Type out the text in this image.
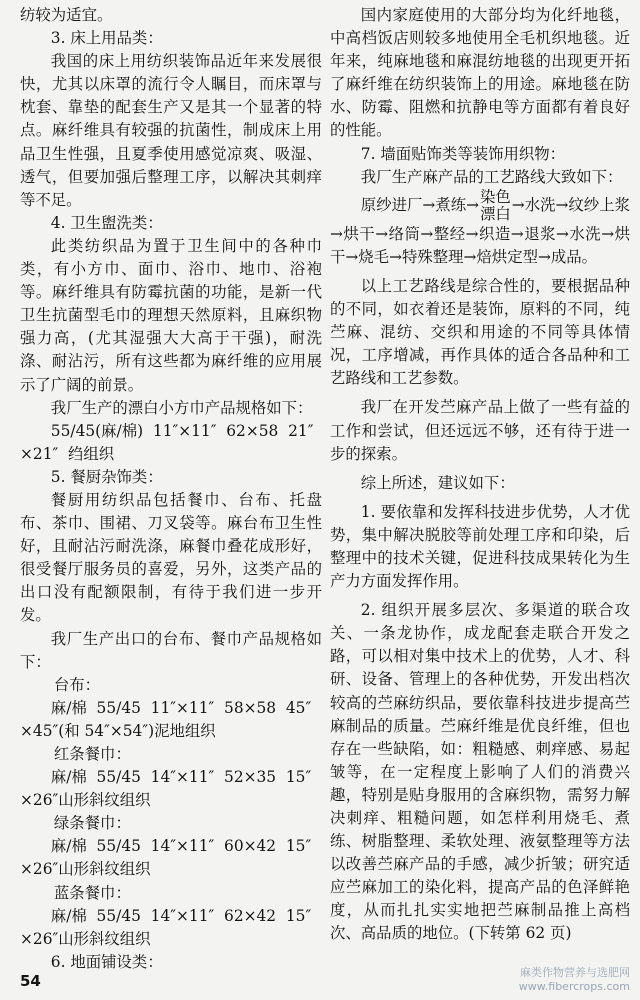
纺较为适宜。

3. 床上用品类：

我国的床上用纺织装饰品近年来发展很快，尤其以床罩的流行令人瞩目，而床罩与枕套、靠垫的配套生产又是其一个显著的特点。麻纤维具有较强的抗菌性，制成床上用品卫生性强，且夏季使用感觉凉爽、吸湿、透气，但要加强后整理工序，以解决其刺痒等不足。

4. 卫生盥洗类：

此类纺织品为置于卫生间中的各种巾类，有小方巾、面巾、浴巾、地巾、浴袍等。麻纤维具有防霉抗菌的功能，是新一代卫生抗菌型毛巾的理想天然原料，且麻织物强力高，(尤其湿强大大高于干强)，耐洗涤、耐沾污，所有这些都为麻纤维的应用展示了广阔的前景。

我厂生产的漂白小方巾产品规格如下：

55/45(麻/棉)  11″×11″  62×58  21″

×21″  绉组织

5. 餐厨杂饰类：

餐厨用纺织品包括餐巾、台布、托盘布、茶巾、围裙、刀叉袋等。麻台布卫生性好，且耐沾污耐洗涤，麻餐巾叠花成形好，很受餐厅服务员的喜爱，另外，这类产品的出口没有配额限制，有待于我们进一步开发。

我厂生产出口的台布、餐巾产品规格如下：

台布：

麻/棉  55/45  11″×11″  58×58  45″

×45″(和 54″×54″)泥地组织

红条餐巾：

麻/棉  55/45  14″×11″  52×35  15″

×26″山形斜纹组织

绿条餐巾：

麻/棉  55/45  14″×11″  60×42  15″

×26″山形斜纹组织

蓝条餐巾：

麻/棉  55/45  14″×11″  62×42  15″

×26″山形斜纹组织

6. 地面铺设类：

国内家庭使用的大部分均为化纤地毯，中高档饭店则较多地使用全毛机织地毯。近年来，纯麻地毯和麻混纺地毯的出现更开拓了麻纤维在纺织装饰上的用途。麻地毯在防水、防霉、阻燃和抗静电等方面都有着良好的性能。

7. 墙面贴饰类等装饰用织物：

我厂生产麻产品的工艺路线大致如下：

原纱进厂→煮练→ 染色
漂白 →水洗→纹纱上浆→烘干→络筒→整经→织造→退浆→水洗→烘干→烧毛→特殊整理→焙烘定型→成品。

以上工艺路线是综合性的，要根据品种的不同，如衣着还是装饰，原料的不同，纯苎麻、混纺、交织和用途的不同等具体情况，工序增减，再作具体的适合各品种和工艺路线和工艺参数。

我厂在开发苎麻产品上做了一些有益的工作和尝试，但还远远不够，还有待于进一步的探索。

综上所述，建议如下：

1. 要依靠和发挥科技进步优势，人才优势，集中解决脱胶等前处理工序和印染，后整理中的技术关键，促进科技成果转化为生产力方面发挥作用。

2. 组织开展多层次、多渠道的联合攻关、一条龙协作，成龙配套走联合开发之路，可以相对集中技术上的优势，人才、科研、设备、管理上的各种优势，开发出档次较高的苎麻纺织品，要依靠科技进步提高苎麻制品的质量。苎麻纤维是优良纤维，但也存在一些缺陷，如：粗糙感、刺痒感、易起皱等，在一定程度上影响了人们的消费兴趣，特别是贴身服用的含麻织物，需努力解决刺痒、粗糙问题，如怎样利用烧毛、煮练、树脂整理、柔软处理、液氨整理等方法以改善苎麻产品的手感，减少折皱；研究适应苎麻加工的染化料，提高产品的色泽鲜艳度，从而扎扎实实地把苎麻制品推上高档次、高品质的地位。(下转第 62 页)

54	麻类作物营养与选肥网
www.fibercrops.com
